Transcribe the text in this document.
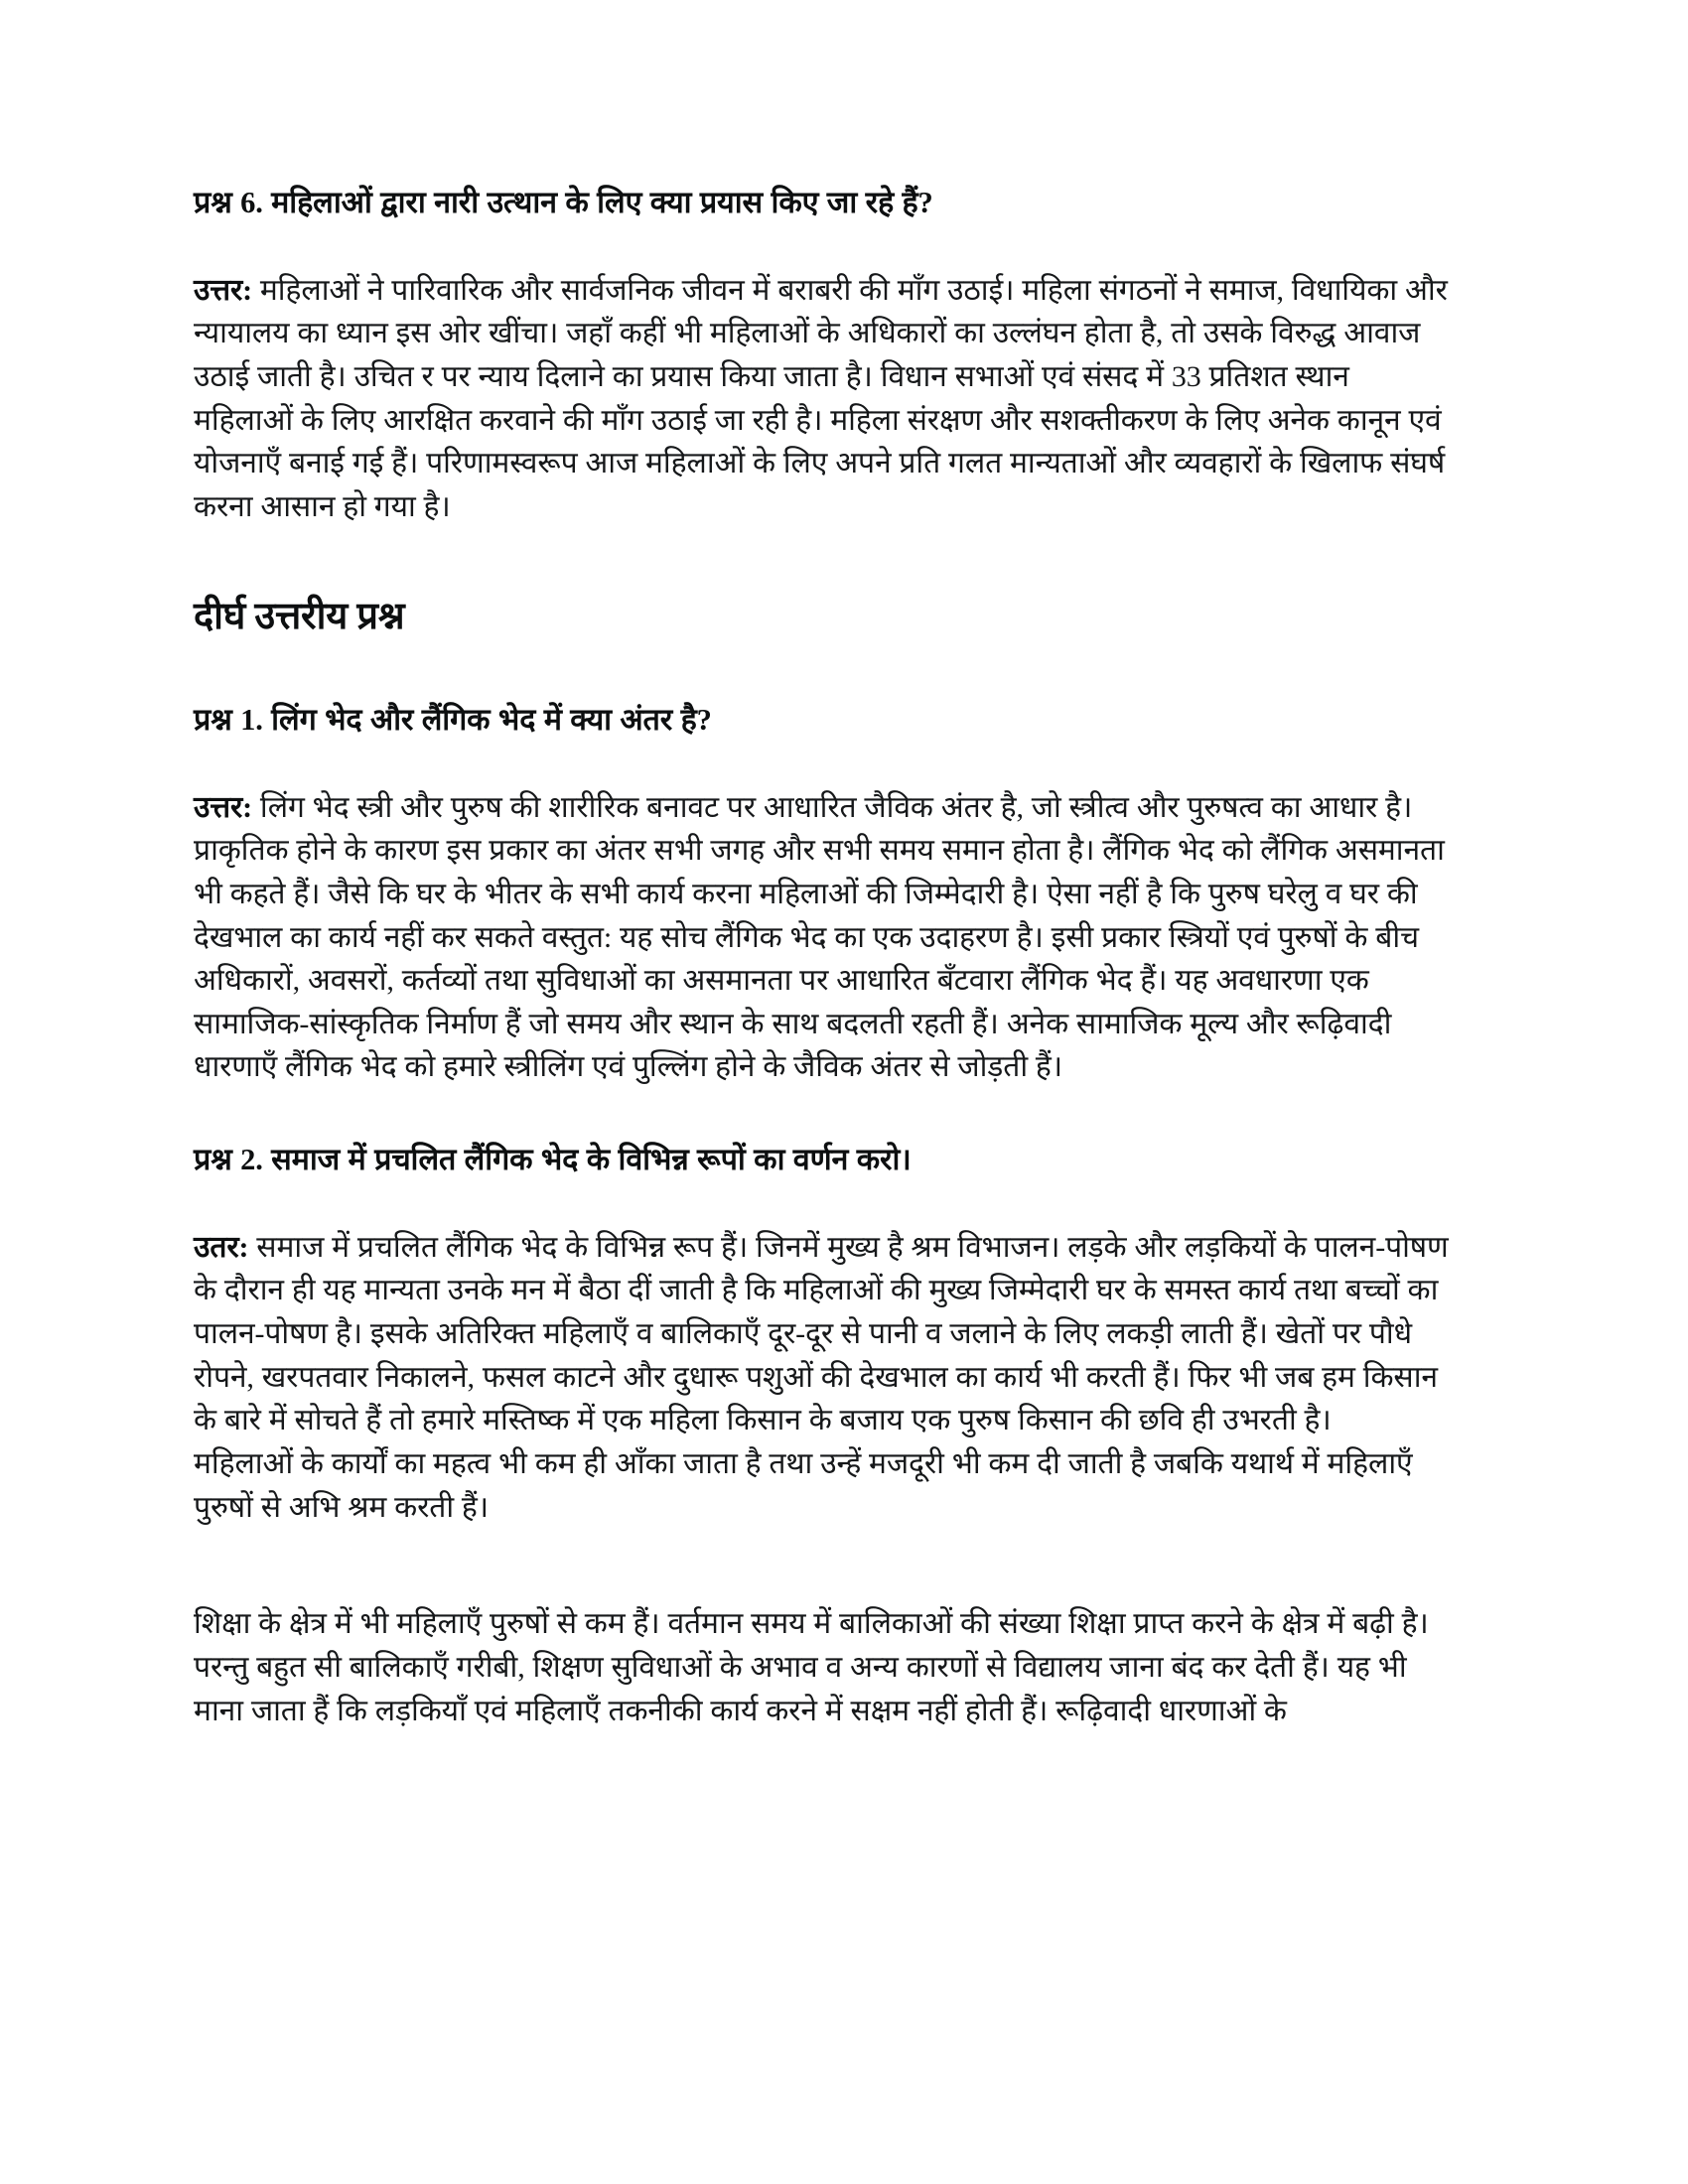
प्रश्न 6. महिलाओं द्वारा नारी उत्थान के लिए क्या प्रयास किए जा रहे हैं?

उत्तर: महिलाओं ने पारिवारिक और सार्वजनिक जीवन में बराबरी की माँग उठाई। महिला संगठनों ने समाज, विधायिका और न्यायालय का ध्यान इस ओर खींचा। जहाँ कहीं भी महिलाओं के अधिकारों का उल्लंघन होता है, तो उसके विरुद्ध आवाज उठाई जाती है। उचित र पर न्याय दिलाने का प्रयास किया जाता है। विधान सभाओं एवं संसद में 33 प्रतिशत स्थान महिलाओं के लिए आरक्षित करवाने की माँग उठाई जा रही है। महिला संरक्षण और सशक्तीकरण के लिए अनेक कानून एवं योजनाएँ बनाई गई हैं। परिणामस्वरूप आज महिलाओं के लिए अपने प्रति गलत मान्यताओं और व्यवहारों के खिलाफ संघर्ष करना आसान हो गया है।

दीर्घ उत्तरीय प्रश्न
प्रश्न 1. लिंग भेद और लैंगिक भेद में क्या अंतर है?

उत्तर: लिंग भेद स्त्री और पुरुष की शारीरिक बनावट पर आधारित जैविक अंतर है, जो स्त्रीत्व और पुरुषत्व का आधार है। प्राकृतिक होने के कारण इस प्रकार का अंतर सभी जगह और सभी समय समान होता है। लैंगिक भेद को लैंगिक असमानता भी कहते हैं। जैसे कि घर के भीतर के सभी कार्य करना महिलाओं की जिम्मेदारी है। ऐसा नहीं है कि पुरुष घरेलु व घर की देखभाल का कार्य नहीं कर सकते वस्तुत: यह सोच लैंगिक भेद का एक उदाहरण है। इसी प्रकार स्त्रियों एवं पुरुषों के बीच अधिकारों, अवसरों, कर्तव्यों तथा सुविधाओं का असमानता पर आधारित बँटवारा लैंगिक भेद हैं। यह अवधारणा एक सामाजिक-सांस्कृतिक निर्माण हैं जो समय और स्थान के साथ बदलती रहती हैं। अनेक सामाजिक मूल्य और रूढ़िवादी धारणाएँ लैंगिक भेद को हमारे स्त्रीलिंग एवं पुल्लिंग होने के जैविक अंतर से जोड़ती हैं।

प्रश्न 2. समाज में प्रचलित लैंगिक भेद के विभिन्न रूपों का वर्णन करो।

उतर: समाज में प्रचलित लैंगिक भेद के विभिन्न रूप हैं। जिनमें मुख्य है श्रम विभाजन। लड़के और लड़कियों के पालन-पोषण के दौरान ही यह मान्यता उनके मन में बैठा दीं जाती है कि महिलाओं की मुख्य जिम्मेदारी घर के समस्त कार्य तथा बच्चों का पालन-पोषण है। इसके अतिरिक्त महिलाएँ व बालिकाएँ दूर-दूर से पानी व जलाने के लिए लकड़ी लाती हैं। खेतों पर पौधे रोपने, खरपतवार निकालने, फसल काटने और दुधारू पशुओं की देखभाल का कार्य भी करती हैं। फिर भी जब हम किसान के बारे में सोचते हैं तो हमारे मस्तिष्क में एक महिला किसान के बजाय एक पुरुष किसान की छवि ही उभरती है।

महिलाओं के कार्यों का महत्व भी कम ही आँका जाता है तथा उन्हें मजदूरी भी कम दी जाती है जबकि यथार्थ में महिलाएँ पुरुषों से अभि श्रम करती हैं।

शिक्षा के क्षेत्र में भी महिलाएँ पुरुषों से कम हैं। वर्तमान समय में बालिकाओं की संख्या शिक्षा प्राप्त करने के क्षेत्र में बढ़ी है। परन्तु बहुत सी बालिकाएँ गरीबी, शिक्षण सुविधाओं के अभाव व अन्य कारणों से विद्यालय जाना बंद कर देती हैं। यह भी माना जाता हैं कि लड़कियाँ एवं महिलाएँ तकनीकी कार्य करने में सक्षम नहीं होती हैं। रूढ़िवादी धारणाओं के
